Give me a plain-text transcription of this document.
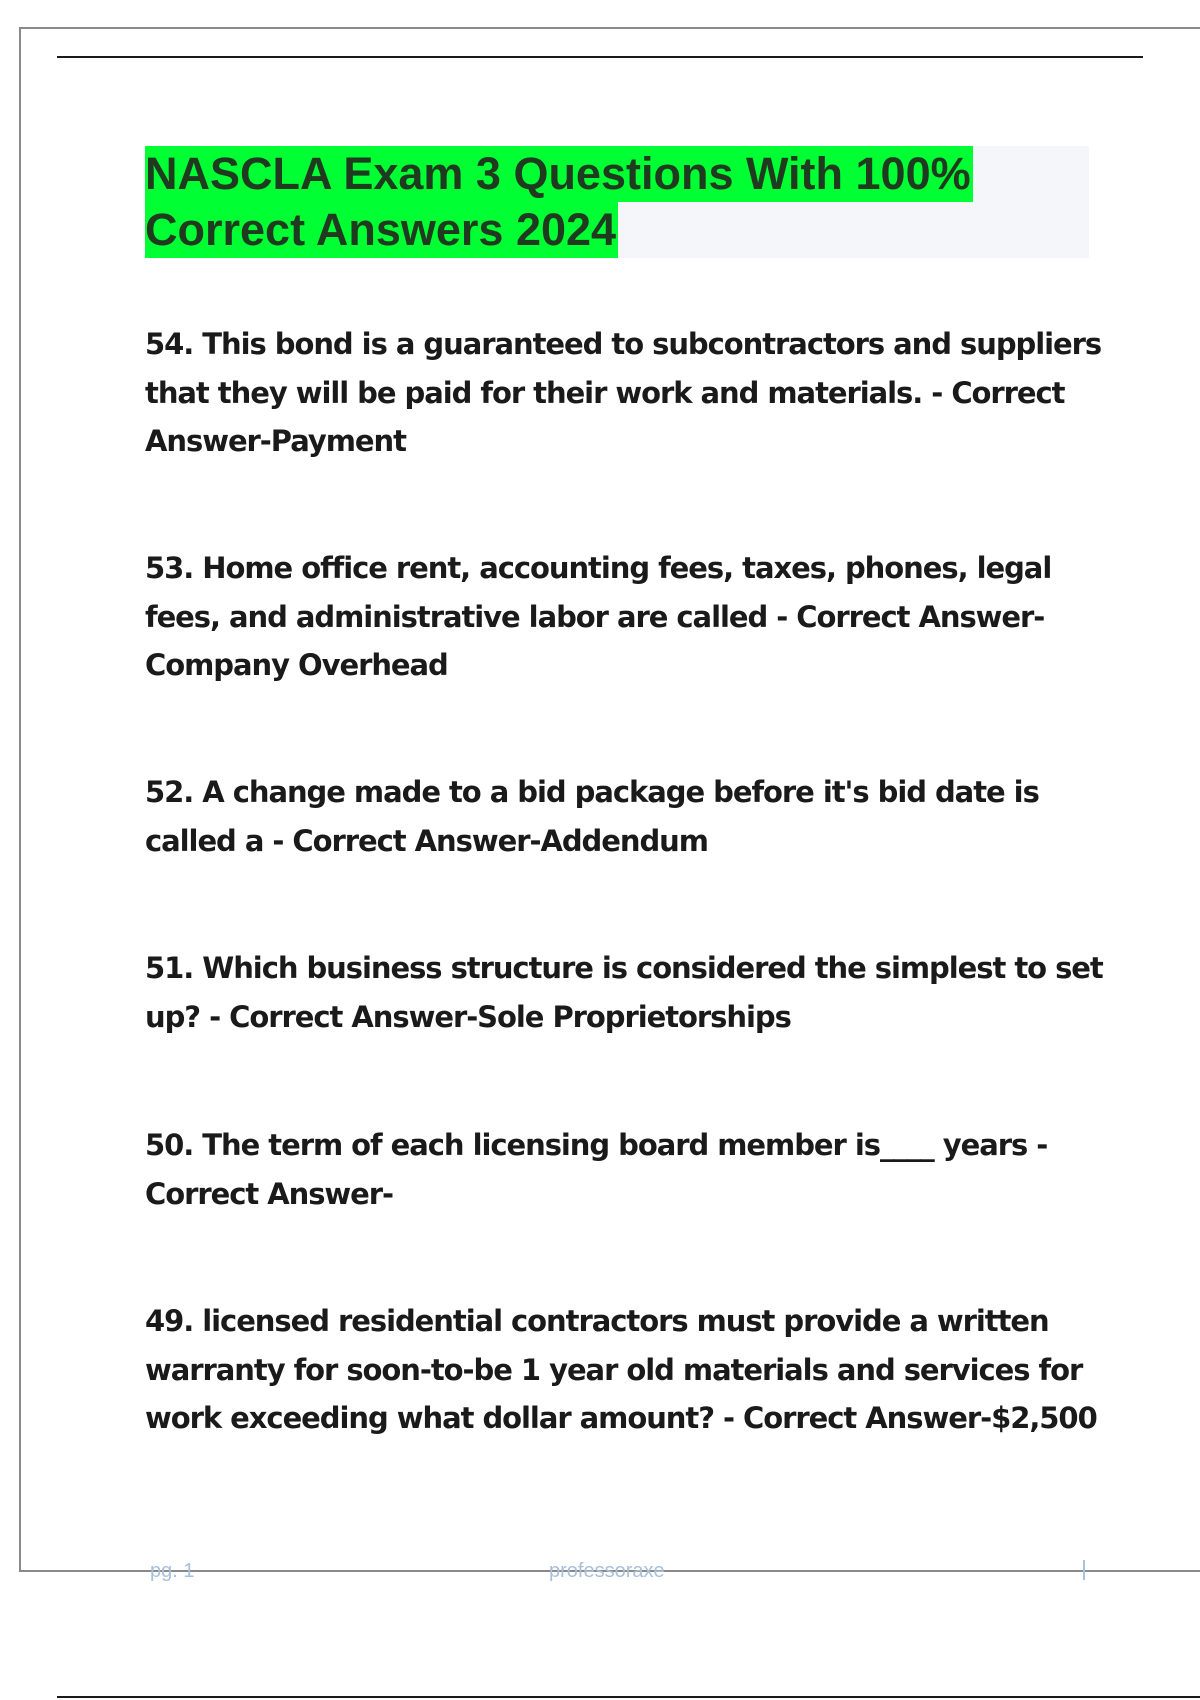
NASCLA Exam 3 Questions With 100%
Correct Answers 2024
54. This bond is a guaranteed to subcontractors and suppliers
that they will be paid for their work and materials. - Correct
Answer-Payment
53. Home office rent, accounting fees, taxes, phones, legal
fees, and administrative labor are called - Correct Answer-
Company Overhead
52. A change made to a bid package before it's bid date is
called a - Correct Answer-Addendum
51. Which business structure is considered the simplest to set
up? - Correct Answer-Sole Proprietorships
50. The term of each licensing board member is____ years -
Correct Answer-
49. licensed residential contractors must provide a written
warranty for soon-to-be 1 year old materials and services for
work exceeding what dollar amount? - Correct Answer-$2,500
pg. 1	professoraxe
